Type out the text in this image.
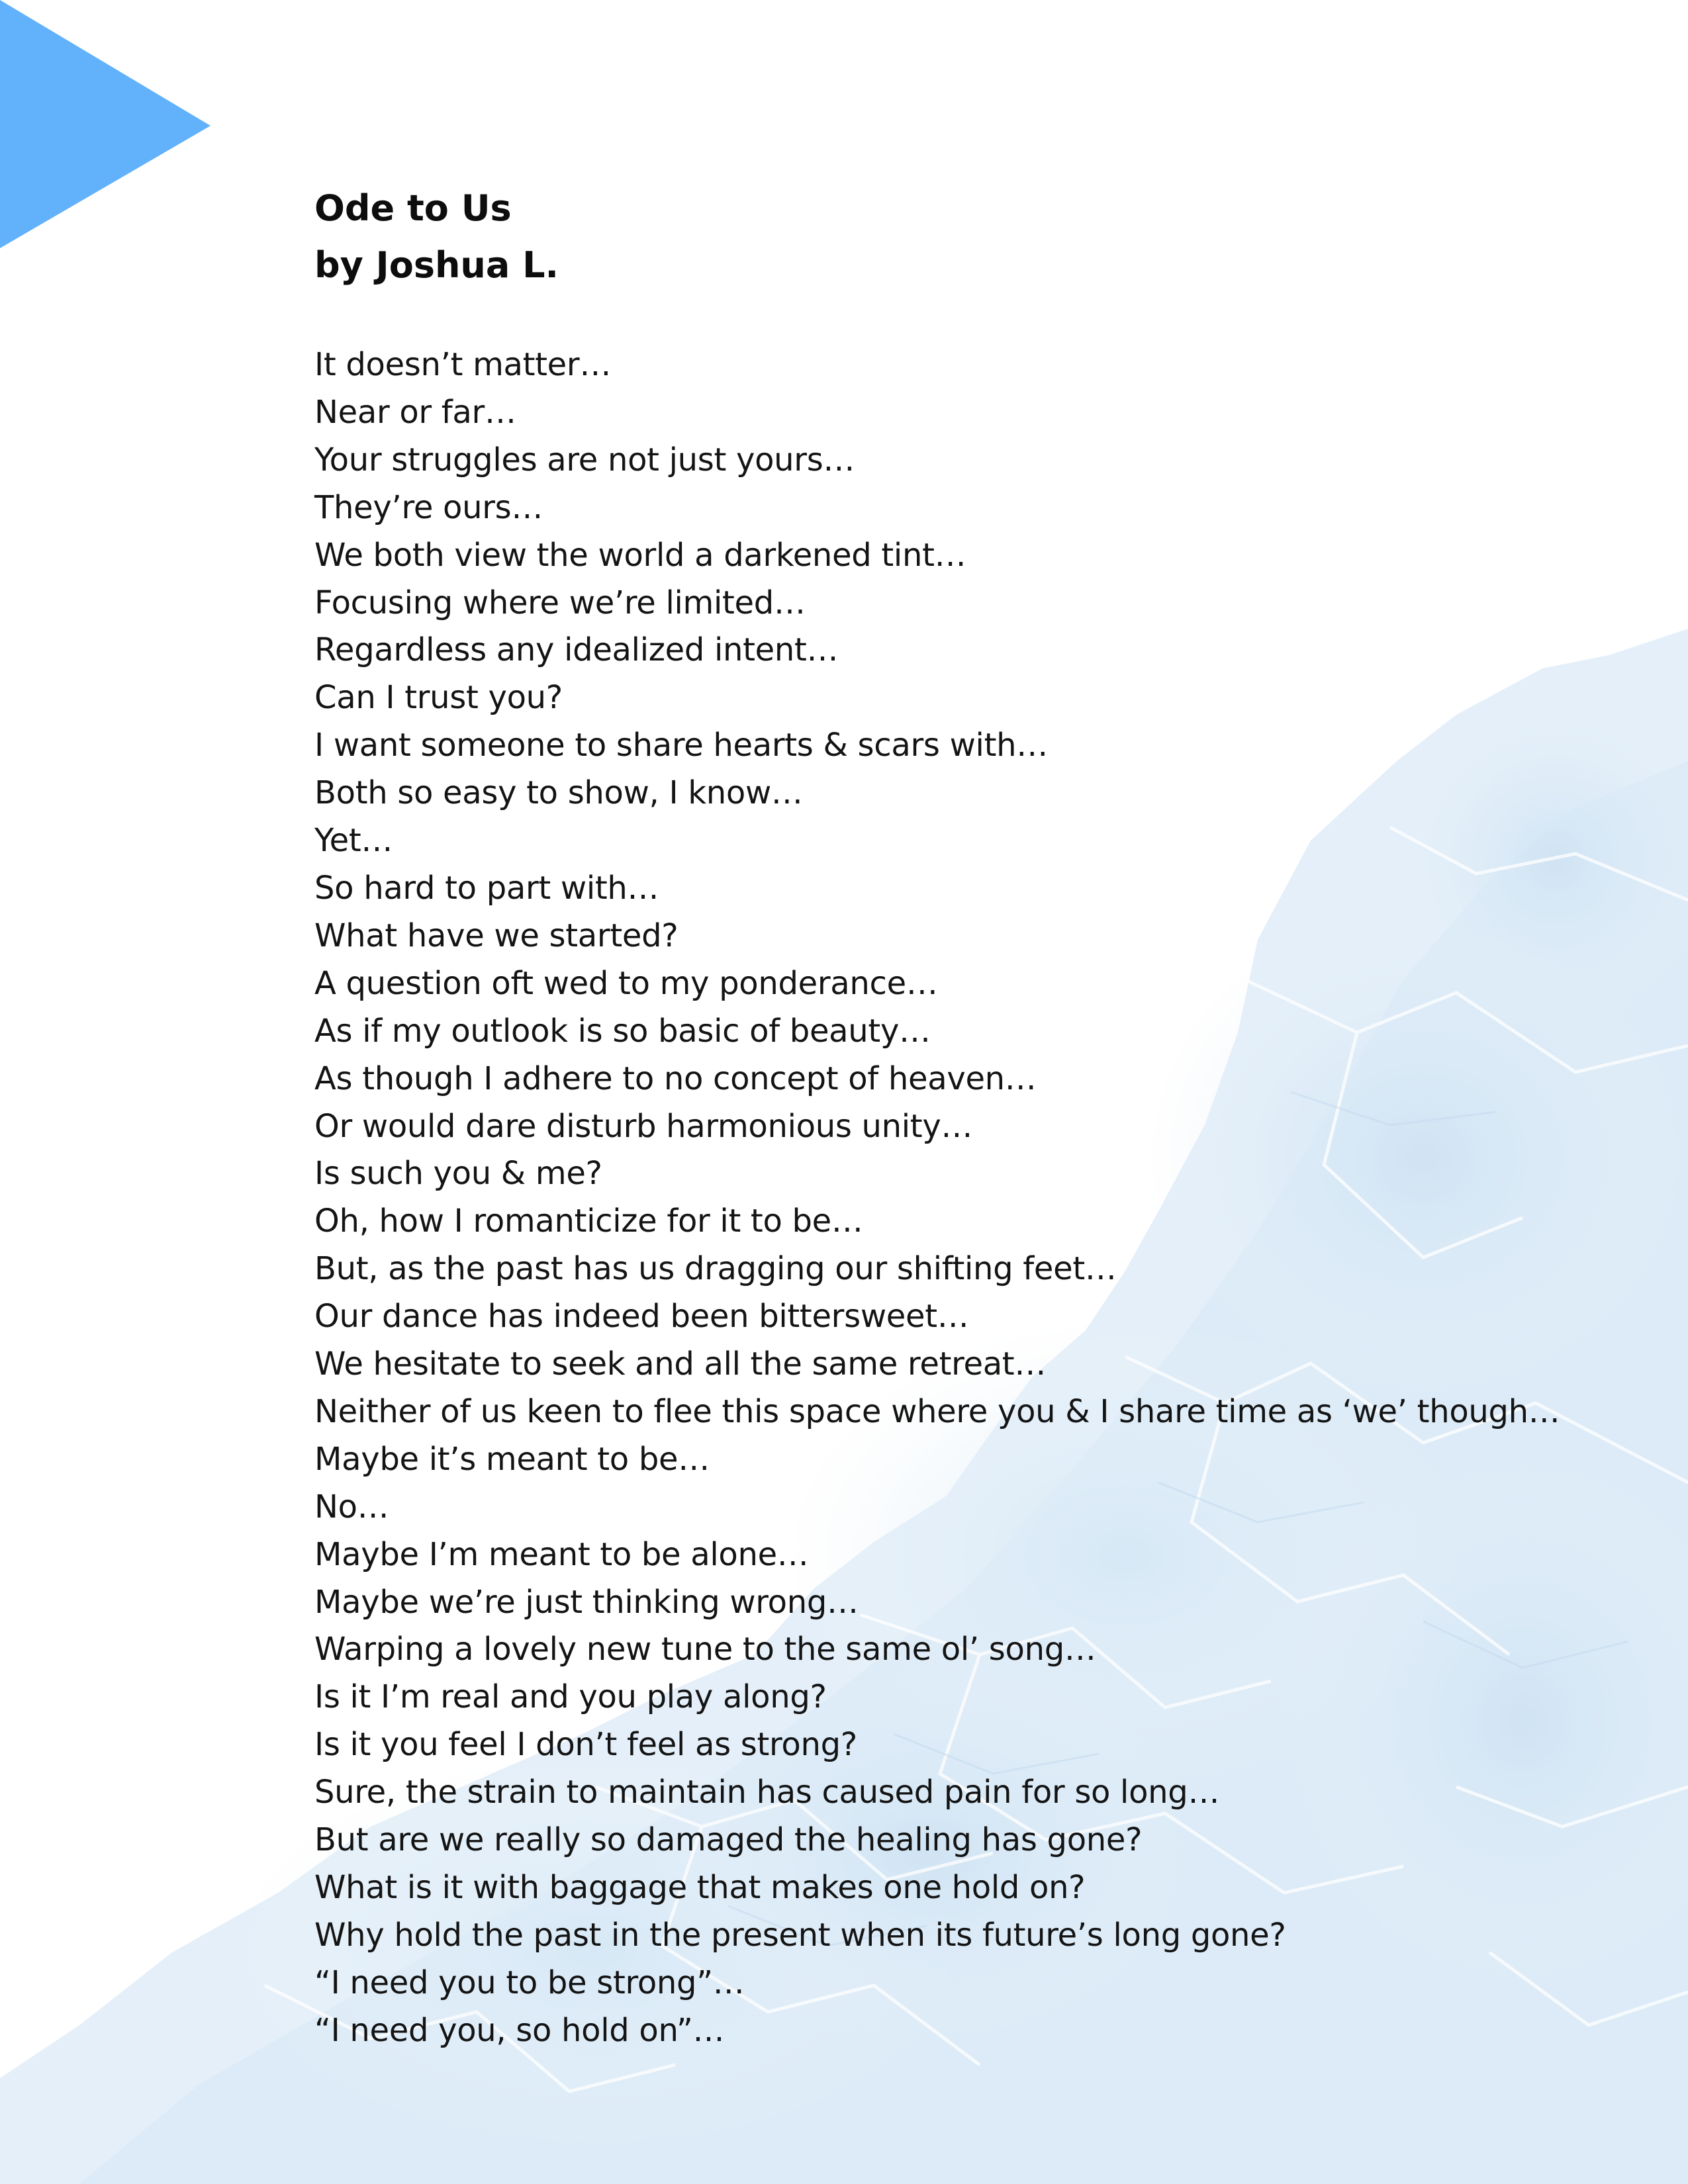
Ode to Us
by Joshua L.
It doesn’t matter…
Near or far…
Your struggles are not just yours…
They’re ours…
We both view the world a darkened tint…
Focusing where we’re limited…
Regardless any idealized intent…
Can I trust you?
I want someone to share hearts & scars with…
Both so easy to show, I know…
Yet…
So hard to part with…
What have we started?
A question oft wed to my ponderance…
As if my outlook is so basic of beauty…
As though I adhere to no concept of heaven…
Or would dare disturb harmonious unity…
Is such you & me?
Oh, how I romanticize for it to be…
But, as the past has us dragging our shifting feet…
Our dance has indeed been bittersweet…
We hesitate to seek and all the same retreat…
Neither of us keen to flee this space where you & I share time as ‘we’ though…
Maybe it’s meant to be…
No…
Maybe I’m meant to be alone…
Maybe we’re just thinking wrong…
Warping a lovely new tune to the same ol’ song…
Is it I’m real and you play along?
Is it you feel I don’t feel as strong?
Sure, the strain to maintain has caused pain for so long…
But are we really so damaged the healing has gone?
What is it with baggage that makes one hold on?
Why hold the past in the present when its future’s long gone?
“I need you to be strong”…
“I need you, so hold on”…
